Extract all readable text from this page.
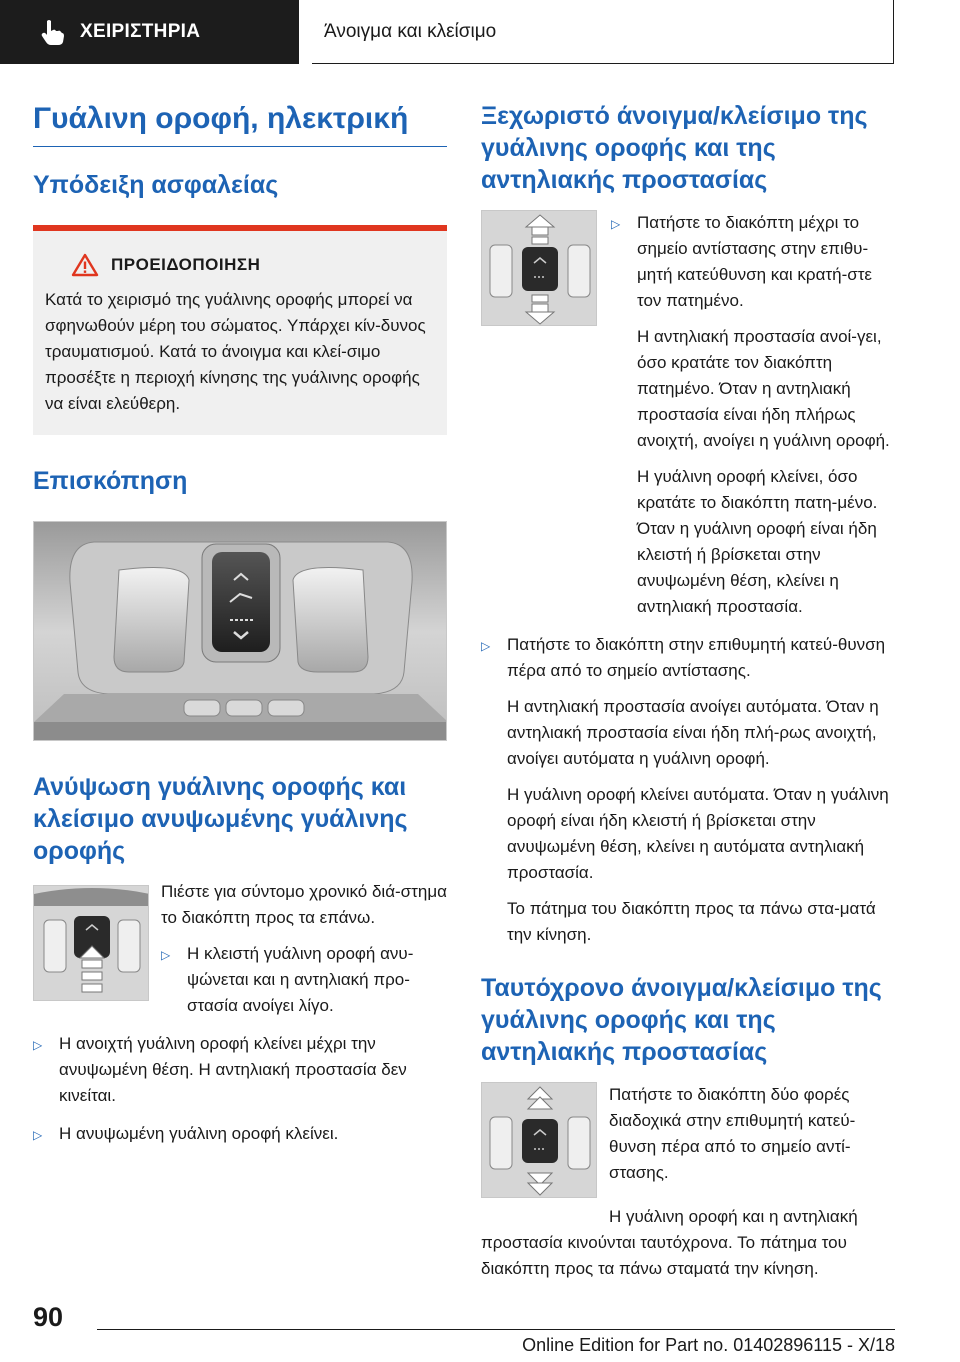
ΧΕΙΡΙΣΤΗΡΙΑ	Άνοιγμα και κλείσιμο
Γυάλινη οροφή, ηλεκτρική
Υπόδειξη ασφαλείας
ΠΡΟΕΙΔΟΠΟΙΗΣΗ

Κατά το χειρισμό της γυάλινης οροφής μπορεί να σφηνωθούν μέρη του σώματος. Υπάρχει κίν‐δυνος τραυματισμού. Κατά το άνοιγμα και κλεί‐σιμο προσέξτε η περιοχή κίνησης της γυάλινης οροφής να είναι ελεύθερη.

Επισκόπηση
Ανύψωση γυάλινης οροφής και κλείσιμο ανυψωμένης γυάλινης οροφής

Πιέστε για σύντομο χρονικό διά‐στημα το διακόπτη προς τα επάνω.

▷ Η κλειστή γυάλινη οροφή ανυ‐ψώνεται και η αντηλιακή προ‐στασία ανοίγει λίγο.
▷ Η ανοιχτή γυάλινη οροφή κλείνει μέχρι την ανυψωμένη θέση. Η αντηλιακή προστασία δεν κινείται.
▷ Η ανυψωμένη γυάλινη οροφή κλείνει.
Ξεχωριστό άνοιγμα/κλείσιμο της γυάλινης οροφής και της αντηλιακής προστασίας
▷ Πατήστε το διακόπτη μέχρι το σημείο αντίστασης στην επιθυ‐μητή κατεύθυνση και κρατή‐στε τον πατημένο.

Η αντηλιακή προστασία ανοί‐γει, όσο κρατάτε τον διακόπτη πατημένο. Όταν η αντηλιακή προστασία είναι ήδη πλήρως ανοιχτή, ανοίγει η γυάλινη οροφή.

Η γυάλινη οροφή κλείνει, όσο κρατάτε το διακόπτη πατη‐μένο. Όταν η γυάλινη οροφή είναι ήδη κλειστή ή βρίσκεται στην ανυψωμένη θέση, κλείνει η αντηλιακή προστασία.

▷ Πατήστε το διακόπτη στην επιθυμητή κατεύ‐θυνση πέρα από το σημείο αντίστασης.

Η αντηλιακή προστασία ανοίγει αυτόματα. Όταν η αντηλιακή προστασία είναι ήδη πλή‐ρως ανοιχτή, ανοίγει αυτόματα η γυάλινη οροφή.

Η γυάλινη οροφή κλείνει αυτόματα. Όταν η γυάλινη οροφή είναι ήδη κλειστή ή βρίσκεται στην ανυψωμένη θέση, κλείνει η αυτόματα αντηλιακή προστασία.

Το πάτημα του διακόπτη προς τα πάνω στα‐ματά την κίνηση.

Ταυτόχρονο άνοιγμα/κλείσιμο της γυάλινης οροφής και της αντηλιακής προστασίας

Πατήστε το διακόπτη δύο φορές διαδοχικά στην επιθυμητή κατεύ‐θυνση πέρα από το σημείο αντί‐στασης.

Η γυάλινη οροφή και η αντηλιακή προστασία κινούνται ταυτόχρονα. Το πάτημα του διακόπτη προς τα πάνω σταματά την κίνηση.

90
Online Edition for Part no. 01402896115 - X/18
